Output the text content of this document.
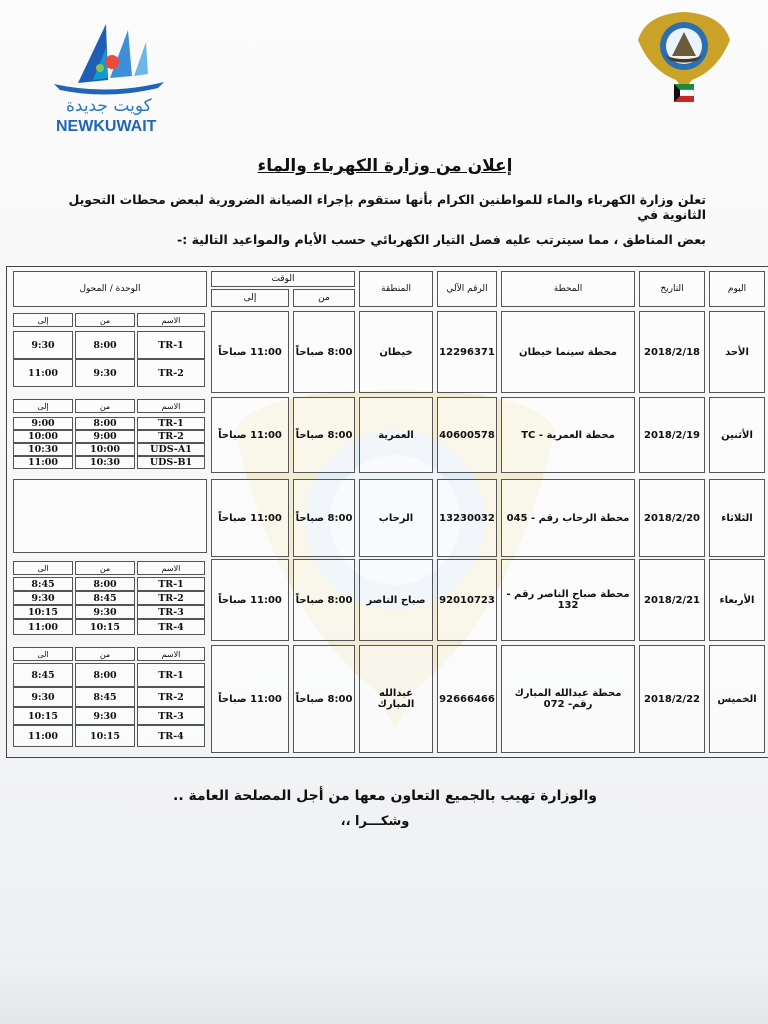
كويت جديدة
NEWKUWAIT
إعلان من وزارة الكهرباء والماء
تعلن وزارة الكهرباء والماء للمواطنين الكرام بأنها ستقوم بإجراء الصيانة الضرورية لبعض محطات التحويل الثانوية في
بعض المناطق ، مما سيترتب عليه فصل التيار الكهربائي حسب الأيام والمواعيد التالية :-
اليوم
التاريخ
المحطة
الرقم الآلي
المنطقة
الوقت
من
إلى
الوحدة / المحول
الأحد
2018/2/18
محطة سينما خيطان
12296371
خيطان
8:00 صباحاً
11:00 صباحاً
الاسم
من
إلى
TR-1
8:00
9:30
TR-2
9:30
11:00
الأثنين
2018/2/19
محطة العمرية - TC
40600578
العمرية
8:00 صباحاً
11:00 صباحاً
الاسم
من
إلى
TR-1
8:00
9:00
TR-2
9:00
10:00
UDS-A1
10:00
10:30
UDS-B1
10:30
11:00
الثلاثاء
2018/2/20
محطة الرحاب رقم - 045
13230032
الرحاب
8:00 صباحاً
11:00 صباحاً
الأربعاء
2018/2/21
محطة صباح الناصر رقم - 132
92010723
صباح الناصر
8:00 صباحاً
11:00 صباحاً
الاسم
من
الى
TR-1
8:00
8:45
TR-2
8:45
9:30
TR-3
9:30
10:15
TR-4
10:15
11:00
الخميس
2018/2/22
محطة عبدالله المبارك رقم- 072
92666466
عبدالله المبارك
8:00 صباحاً
11:00 صباحاً
الاسم
من
الى
TR-1
8:00
8:45
TR-2
8:45
9:30
TR-3
9:30
10:15
TR-4
10:15
11:00
والوزارة تهيب بالجميع التعاون معها من أجل المصلحة العامة ..
وشكـــرا ،،
